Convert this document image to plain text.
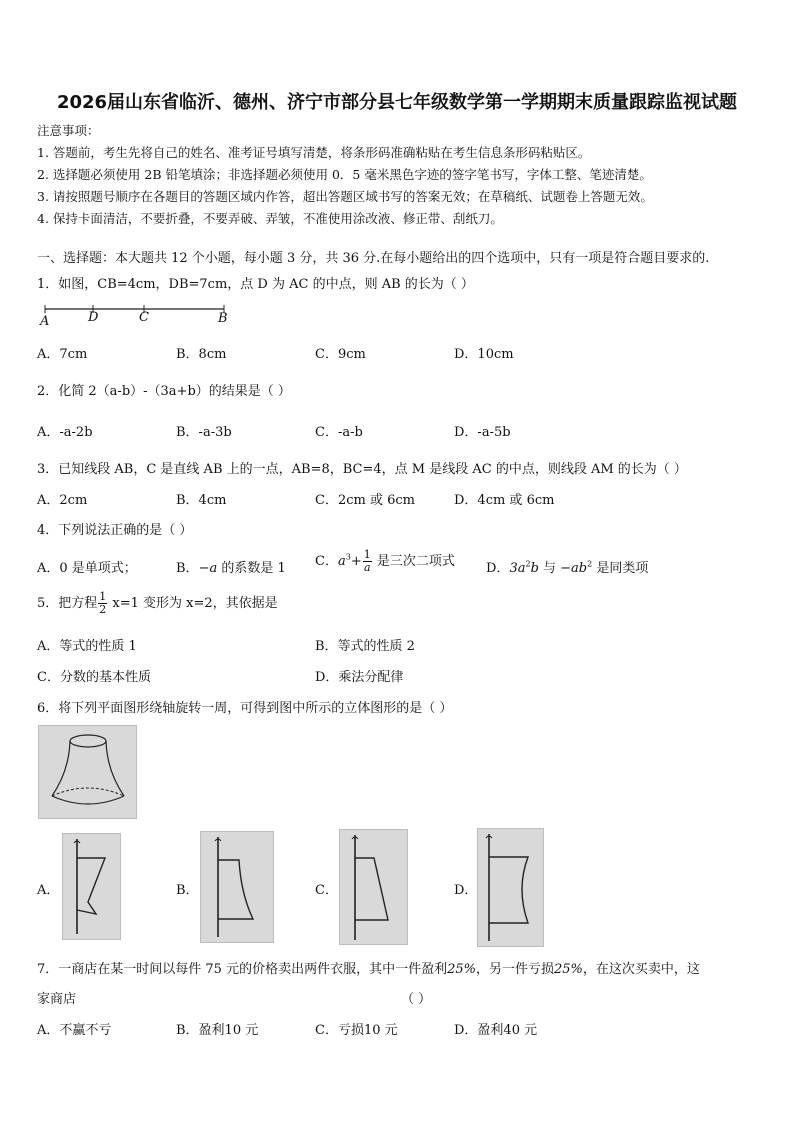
2026届山东省临沂、德州、济宁市部分县七年级数学第一学期期末质量跟踪监视试题
注意事项：
1. 答题前，考生先将自己的姓名、准考证号填写清楚，将条形码准确粘贴在考生信息条形码粘贴区。
2. 选择题必须使用 2B 铅笔填涂；非选择题必须使用 0．5 毫米黑色字迹的签字笔书写，字体工整、笔迹清楚。
3. 请按照题号顺序在各题目的答题区域内作答，超出答题区域书写的答案无效；在草稿纸、试题卷上答题无效。
4. 保持卡面清洁，不要折叠，不要弄破、弄皱，不准使用涂改液、修正带、刮纸刀。
一、选择题：本大题共 12 个小题，每小题 3 分，共 36 分.在每小题给出的四个选项中，只有一项是符合题目要求的.
1．如图，CB=4cm，DB=7cm，点 D 为 AC 的中点，则 AB 的长为（ ）
A	D	C	B
A．7cm	B．8cm	C．9cm	D．10cm
2．化简 2（a-b）-（3a+b）的结果是（ ）
A．-a-2b	B．-a-3b	C．-a-b	D．-a-5b
3．已知线段 AB，C 是直线 AB 上的一点，AB=8，BC=4，点 M 是线段 AC 的中点，则线段 AM 的长为（ ）
A．2cm	B．4cm	C．2cm 或 6cm	D．4cm 或 6cm
4．下列说法正确的是（ ）
A．0 是单项式；	B．−a 的系数是 1 C．$a^3+ \frac{1}{a}$ 是三次二项式 D．$3a^2b$ 与 $-ab^2$ 是同类项
5．把方程 $\frac{1}{2} x=1$ 变形为 x=2，其依据是
A．等式的性质 1	B．等式的性质 2
C．分数的基本性质	D．乘法分配律
6．将下列平面图形绕轴旋转一周，可得到图中所示的立体图形的是（ ）
A．	B．	C．	D．
7．一商店在某一时间以每件 75 元的价格卖出两件衣服，其中一件盈利25%，另一件亏损25%，在这次买卖中，这
家商店	（ ）
A．不赢不亏	B．盈利10 元	C．亏损10 元	D．盈利40 元
